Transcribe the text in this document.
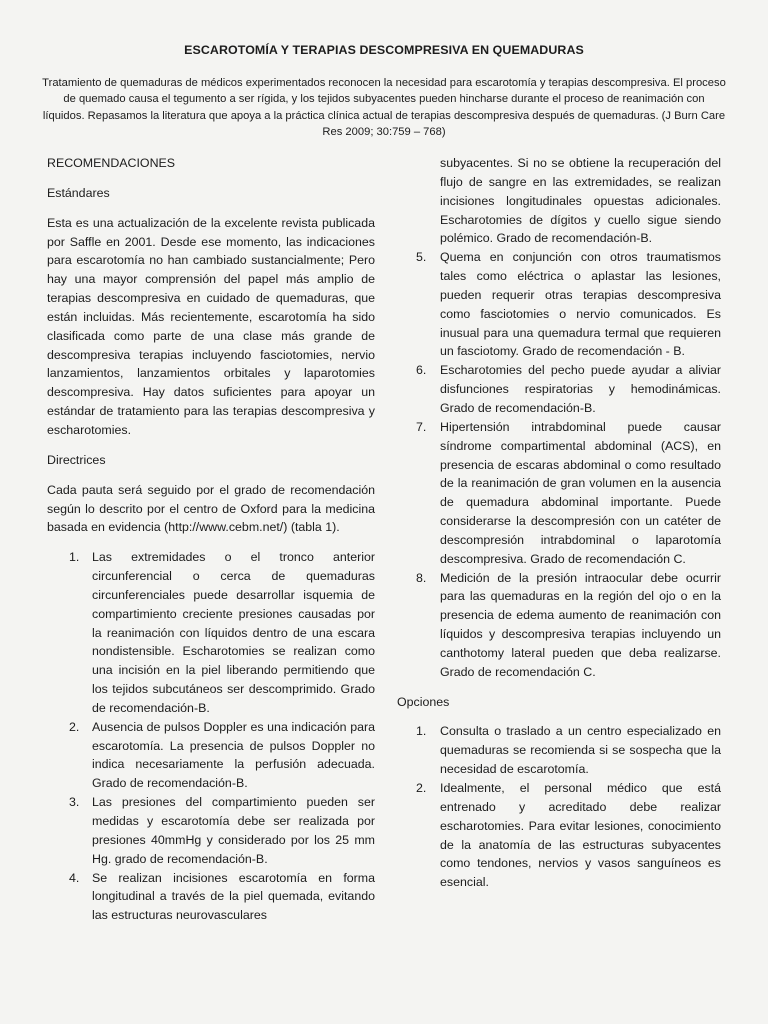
ESCAROTOMÍA Y TERAPIAS DESCOMPRESIVA EN QUEMADURAS
Tratamiento de quemaduras de médicos experimentados reconocen la necesidad para escarotomía y terapias descompresiva. El proceso de quemado causa el tegumento a ser rígida, y los tejidos subyacentes pueden hincharse durante el proceso de reanimación con líquidos. Repasamos la literatura que apoya a la práctica clínica actual de terapias descompresiva después de quemaduras. (J Burn Care Res 2009; 30:759 – 768)

RECOMENDACIONES

Estándares

Esta es una actualización de la excelente revista publicada por Saffle en 2001. Desde ese momento, las indicaciones para escarotomía no han cambiado sustancialmente; Pero hay una mayor comprensión del papel más amplio de terapias descompresiva en cuidado de quemaduras, que están incluidas. Más recientemente, escarotomía ha sido clasificada como parte de una clase más grande de descompresiva terapias incluyendo fasciotomies, nervio lanzamientos, lanzamientos orbitales y laparotomies descompresiva. Hay datos suficientes para apoyar un estándar de tratamiento para las terapias descompresiva y escharotomies.

Directrices

Cada pauta será seguido por el grado de recomendación según lo descrito por el centro de Oxford para la medicina basada en evidencia (http://www.cebm.net/) (tabla 1).

1. Las extremidades o el tronco anterior circunferencial o cerca de quemaduras circunferenciales puede desarrollar isquemia de compartimiento creciente presiones causadas por la reanimación con líquidos dentro de una escara nondistensible. Escharotomies se realizan como una incisión en la piel liberando permitiendo que los tejidos subcutáneos ser descomprimido. Grado de recomendación-B.
2. Ausencia de pulsos Doppler es una indicación para escarotomía. La presencia de pulsos Doppler no indica necesariamente la perfusión adecuada. Grado de recomendación-B.
3. Las presiones del compartimiento pueden ser medidas y escarotomía debe ser realizada por presiones 40mmHg y considerado por los 25 mm Hg. grado de recomendación-B.
4. Se realizan incisiones escarotomía en forma longitudinal a través de la piel quemada, evitando las estructuras neurovasculares

subyacentes. Si no se obtiene la recuperación del flujo de sangre en las extremidades, se realizan incisiones longitudinales opuestas adicionales. Escharotomies de dígitos y cuello sigue siendo polémico. Grado de recomendación-B.

5. Quema en conjunción con otros traumatismos tales como eléctrica o aplastar las lesiones, pueden requerir otras terapias descompresiva como fasciotomies o nervio comunicados. Es inusual para una quemadura termal que requieren un fasciotomy. Grado de recomendación - B.
6. Escharotomies del pecho puede ayudar a aliviar disfunciones respiratorias y hemodinámicas. Grado de recomendación-B.
7. Hipertensión intrabdominal puede causar síndrome compartimental abdominal (ACS), en presencia de escaras abdominal o como resultado de la reanimación de gran volumen en la ausencia de quemadura abdominal importante. Puede considerarse la descompresión con un catéter de descompresión intrabdominal o laparotomía descompresiva. Grado de recomendación C.
8. Medición de la presión intraocular debe ocurrir para las quemaduras en la región del ojo o en la presencia de edema aumento de reanimación con líquidos y descompresiva terapias incluyendo un canthotomy lateral pueden que deba realizarse. Grado de recomendación C.

Opciones

1. Consulta o traslado a un centro especializado en quemaduras se recomienda si se sospecha que la necesidad de escarotomía.
2. Idealmente, el personal médico que está entrenado y acreditado debe realizar escharotomies. Para evitar lesiones, conocimiento de la anatomía de las estructuras subyacentes como tendones, nervios y vasos sanguíneos es esencial.
